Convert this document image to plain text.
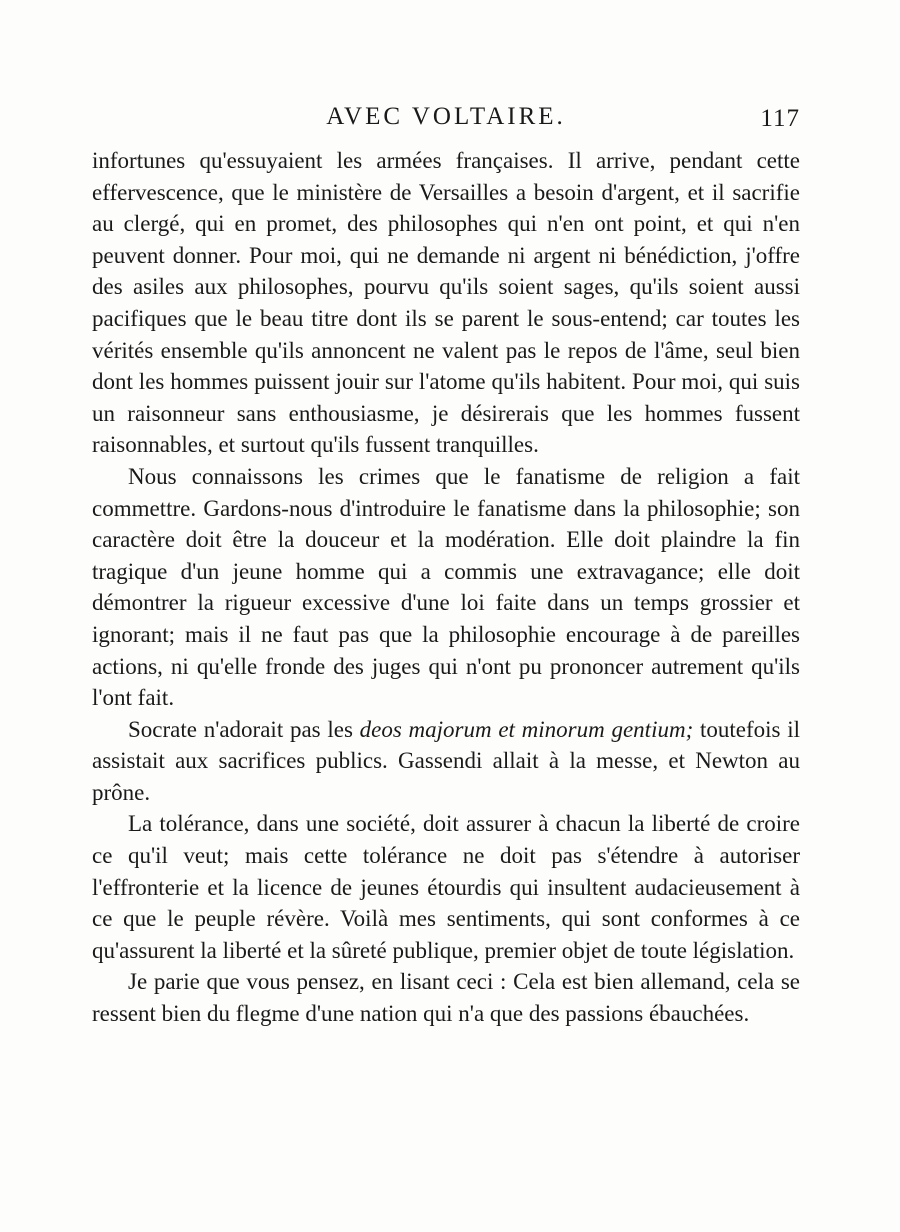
AVEC VOLTAIRE.	117

infortunes qu'essuyaient les armées françaises. Il arrive, pendant cette effervescence, que le ministère de Versailles a besoin d'argent, et il sacrifie au clergé, qui en promet, des philosophes qui n'en ont point, et qui n'en peuvent donner. Pour moi, qui ne demande ni argent ni bénédiction, j'offre des asiles aux philosophes, pourvu qu'ils soient sages, qu'ils soient aussi pacifiques que le beau titre dont ils se parent le sous-entend; car toutes les vérités ensemble qu'ils annoncent ne valent pas le repos de l'âme, seul bien dont les hommes puissent jouir sur l'atome qu'ils habitent. Pour moi, qui suis un raisonneur sans enthousiasme, je désirerais que les hommes fussent raisonnables, et surtout qu'ils fussent tranquilles.

Nous connaissons les crimes que le fanatisme de religion a fait commettre. Gardons-nous d'introduire le fanatisme dans la philosophie; son caractère doit être la douceur et la modération. Elle doit plaindre la fin tragique d'un jeune homme qui a commis une extravagance; elle doit démontrer la rigueur excessive d'une loi faite dans un temps grossier et ignorant; mais il ne faut pas que la philosophie encourage à de pareilles actions, ni qu'elle fronde des juges qui n'ont pu prononcer autrement qu'ils l'ont fait.

Socrate n'adorait pas les deos majorum et minorum gentium; toutefois il assistait aux sacrifices publics. Gassendi allait à la messe, et Newton au prône.

La tolérance, dans une société, doit assurer à chacun la liberté de croire ce qu'il veut; mais cette tolérance ne doit pas s'étendre à autoriser l'effronterie et la licence de jeunes étourdis qui insultent audacieusement à ce que le peuple révère. Voilà mes sentiments, qui sont conformes à ce qu'assurent la liberté et la sûreté publique, premier objet de toute législation.

Je parie que vous pensez, en lisant ceci : Cela est bien allemand, cela se ressent bien du flegme d'une nation qui n'a que des passions ébauchées.
